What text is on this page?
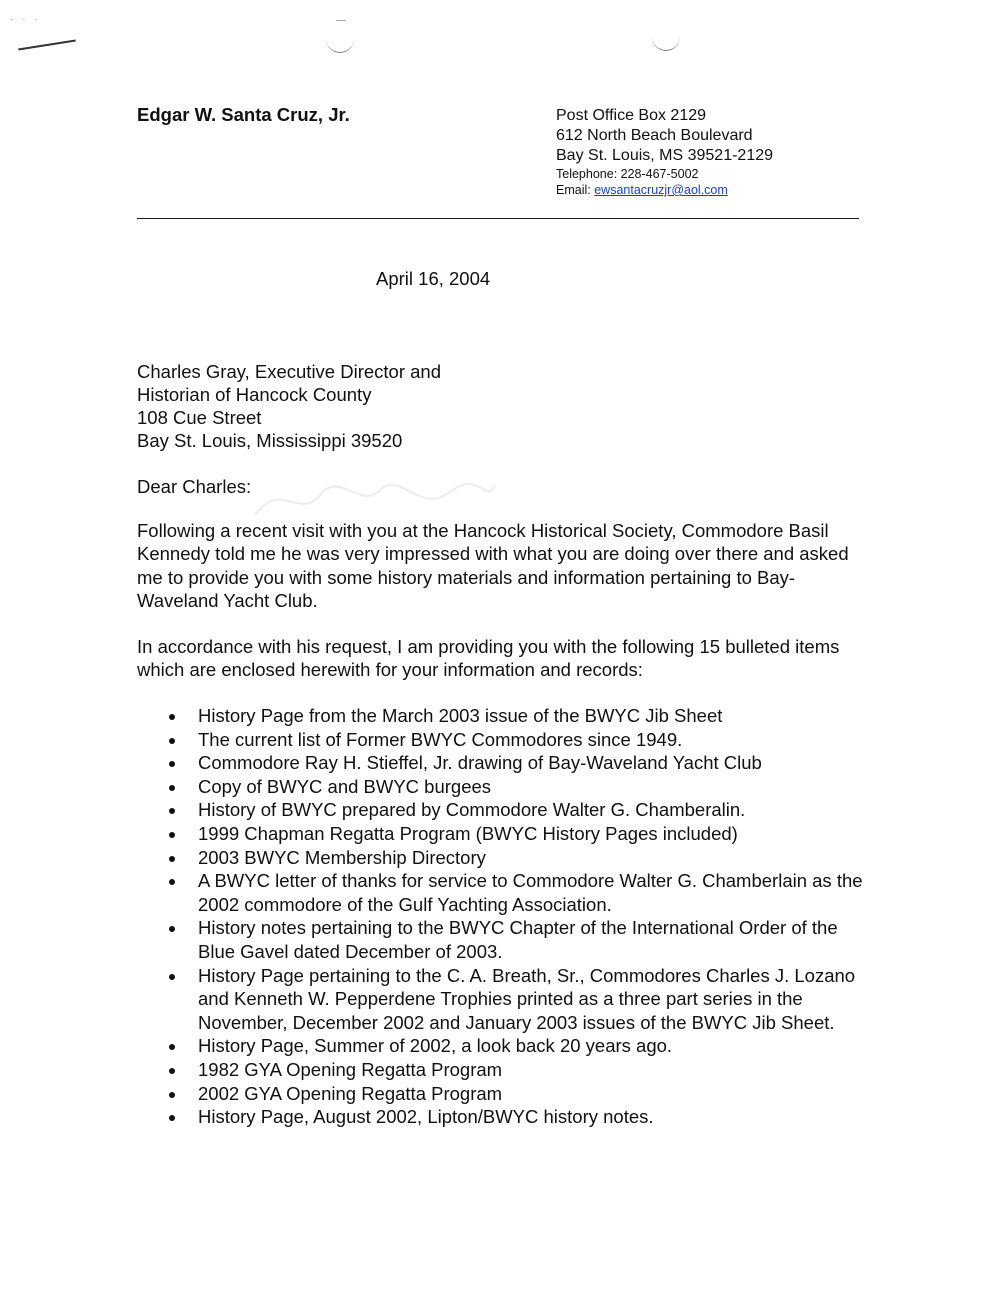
· · ·
Edgar W. Santa Cruz, Jr.	Post Office Box 2129
612 North Beach Boulevard
Bay St. Louis, MS 39521-2129
Telephone: 228-467-5002
Email: ewsantacruzjr@aol.com
April 16, 2004
Charles Gray, Executive Director and
Historian of Hancock County
108 Cue Street
Bay St. Louis, Mississippi 39520
Dear Charles:
Following a recent visit with you at the Hancock Historical Society, Commodore Basil Kennedy told me he was very impressed with what you are doing over there and asked me to provide you with some history materials and information pertaining to Bay-Waveland Yacht Club.
In accordance with his request, I am providing you with the following 15 bulleted items which are enclosed herewith for your information and records:
History Page from the March 2003 issue of the BWYC Jib Sheet
The current list of Former BWYC Commodores since 1949.
Commodore Ray H. Stieffel, Jr. drawing of Bay-Waveland Yacht Club
Copy of BWYC and BWYC burgees
History of BWYC prepared by Commodore Walter G. Chamberalin.
1999 Chapman Regatta Program (BWYC History Pages included)
2003 BWYC Membership Directory
A BWYC letter of thanks for service to Commodore Walter G. Chamberlain as the 2002 commodore of the Gulf Yachting Association.
History notes pertaining to the BWYC Chapter of the International Order of the Blue Gavel dated December of 2003.
History Page pertaining to the C. A. Breath, Sr., Commodores Charles J. Lozano and Kenneth W. Pepperdene Trophies printed as a three part series in the November, December 2002 and January 2003 issues of the BWYC Jib Sheet.
History Page, Summer of 2002, a look back 20 years ago.
1982 GYA Opening Regatta Program
2002 GYA Opening Regatta Program
History Page, August 2002, Lipton/BWYC history notes.
